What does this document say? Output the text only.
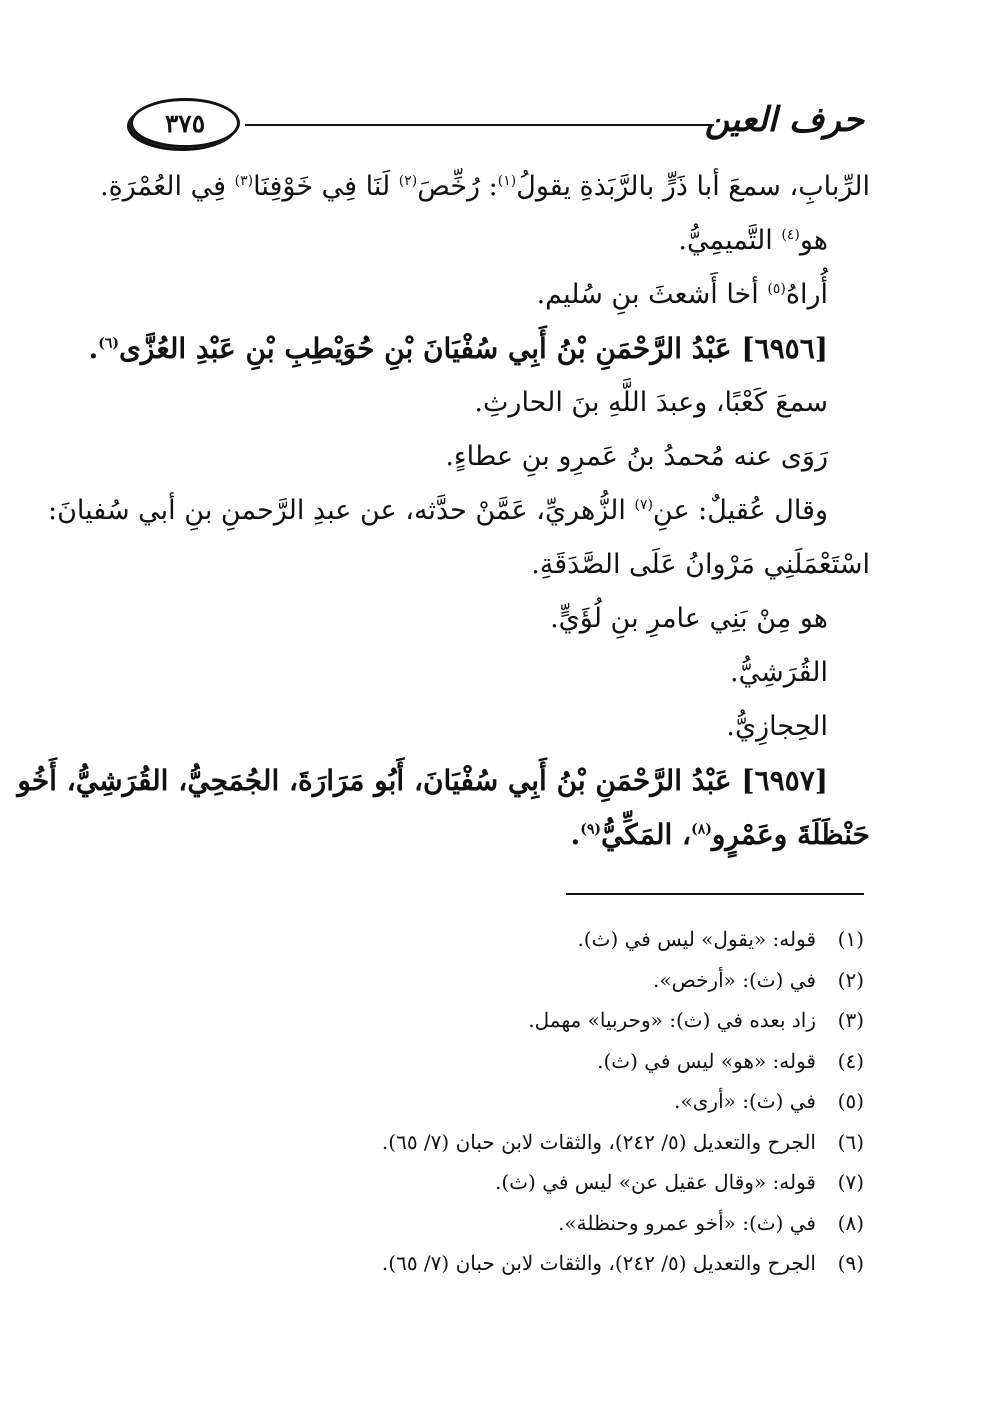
حرف العين
٣٧٥
الرِّبابِ، سمعَ أبا ذَرٍّ بالرَّبَذةِ يقولُ$^{(١)}$: رُخِّصَ$^{(٢)}$ لَنَا فِي خَوْفِنَا$^{(٣)}$ فِي العُمْرَةِ.
هو$^{(٤)}$ التَّميمِيُّ.
أُراهُ$^{(٥)}$ أخا أَشعثَ بنِ سُليم.
[٦٩٥٦] عَبْدُ الرَّحْمَنِ بْنُ أَبِي سُفْيَانَ بْنِ حُوَيْطِبِ بْنِ عَبْدِ العُزَّى$^{(٦)}$.
سمعَ كَعْبًا، وعبدَ اللَّهِ بنَ الحارثِ.
رَوَى عنه مُحمدُ بنُ عَمرِو بنِ عطاءٍ.
وقال عُقيلٌ: عنِ$^{(٧)}$ الزُّهريِّ، عَمَّنْ حدَّثه، عن عبدِ الرَّحمنِ بنِ أبي سُفيانَ:
اسْتَعْمَلَنِي مَرْوانُ عَلَى الصَّدَقَةِ.
هو مِنْ بَنِي عامرِ بنِ لُؤَيٍّ.
القُرَشِيُّ.
الحِجازِيُّ.
[٦٩٥٧] عَبْدُ الرَّحْمَنِ بْنُ أَبِي سُفْيَانَ، أَبُو مَرَارَةَ، الجُمَحِيُّ، القُرَشِيُّ، أَخُو
حَنْظَلَةَ وعَمْرٍو$^{(٨)}$، المَكِّيُّ$^{(٩)}$.
(١)قوله: «يقول» ليس في (ث).
(٢)في (ث): «أرخص».
(٣)زاد بعده في (ث): «وحربيا» مهمل.
(٤)قوله: «هو» ليس في (ث).
(٥)في (ث): «أرى».
(٦)الجرح والتعديل (٥/ ٢٤٢)، والثقات لابن حبان (٧/ ٦٥).
(٧)قوله: «وقال عقيل عن» ليس في (ث).
(٨)في (ث): «أخو عمرو وحنظلة».
(٩)الجرح والتعديل (٥/ ٢٤٢)، والثقات لابن حبان (٧/ ٦٥).
